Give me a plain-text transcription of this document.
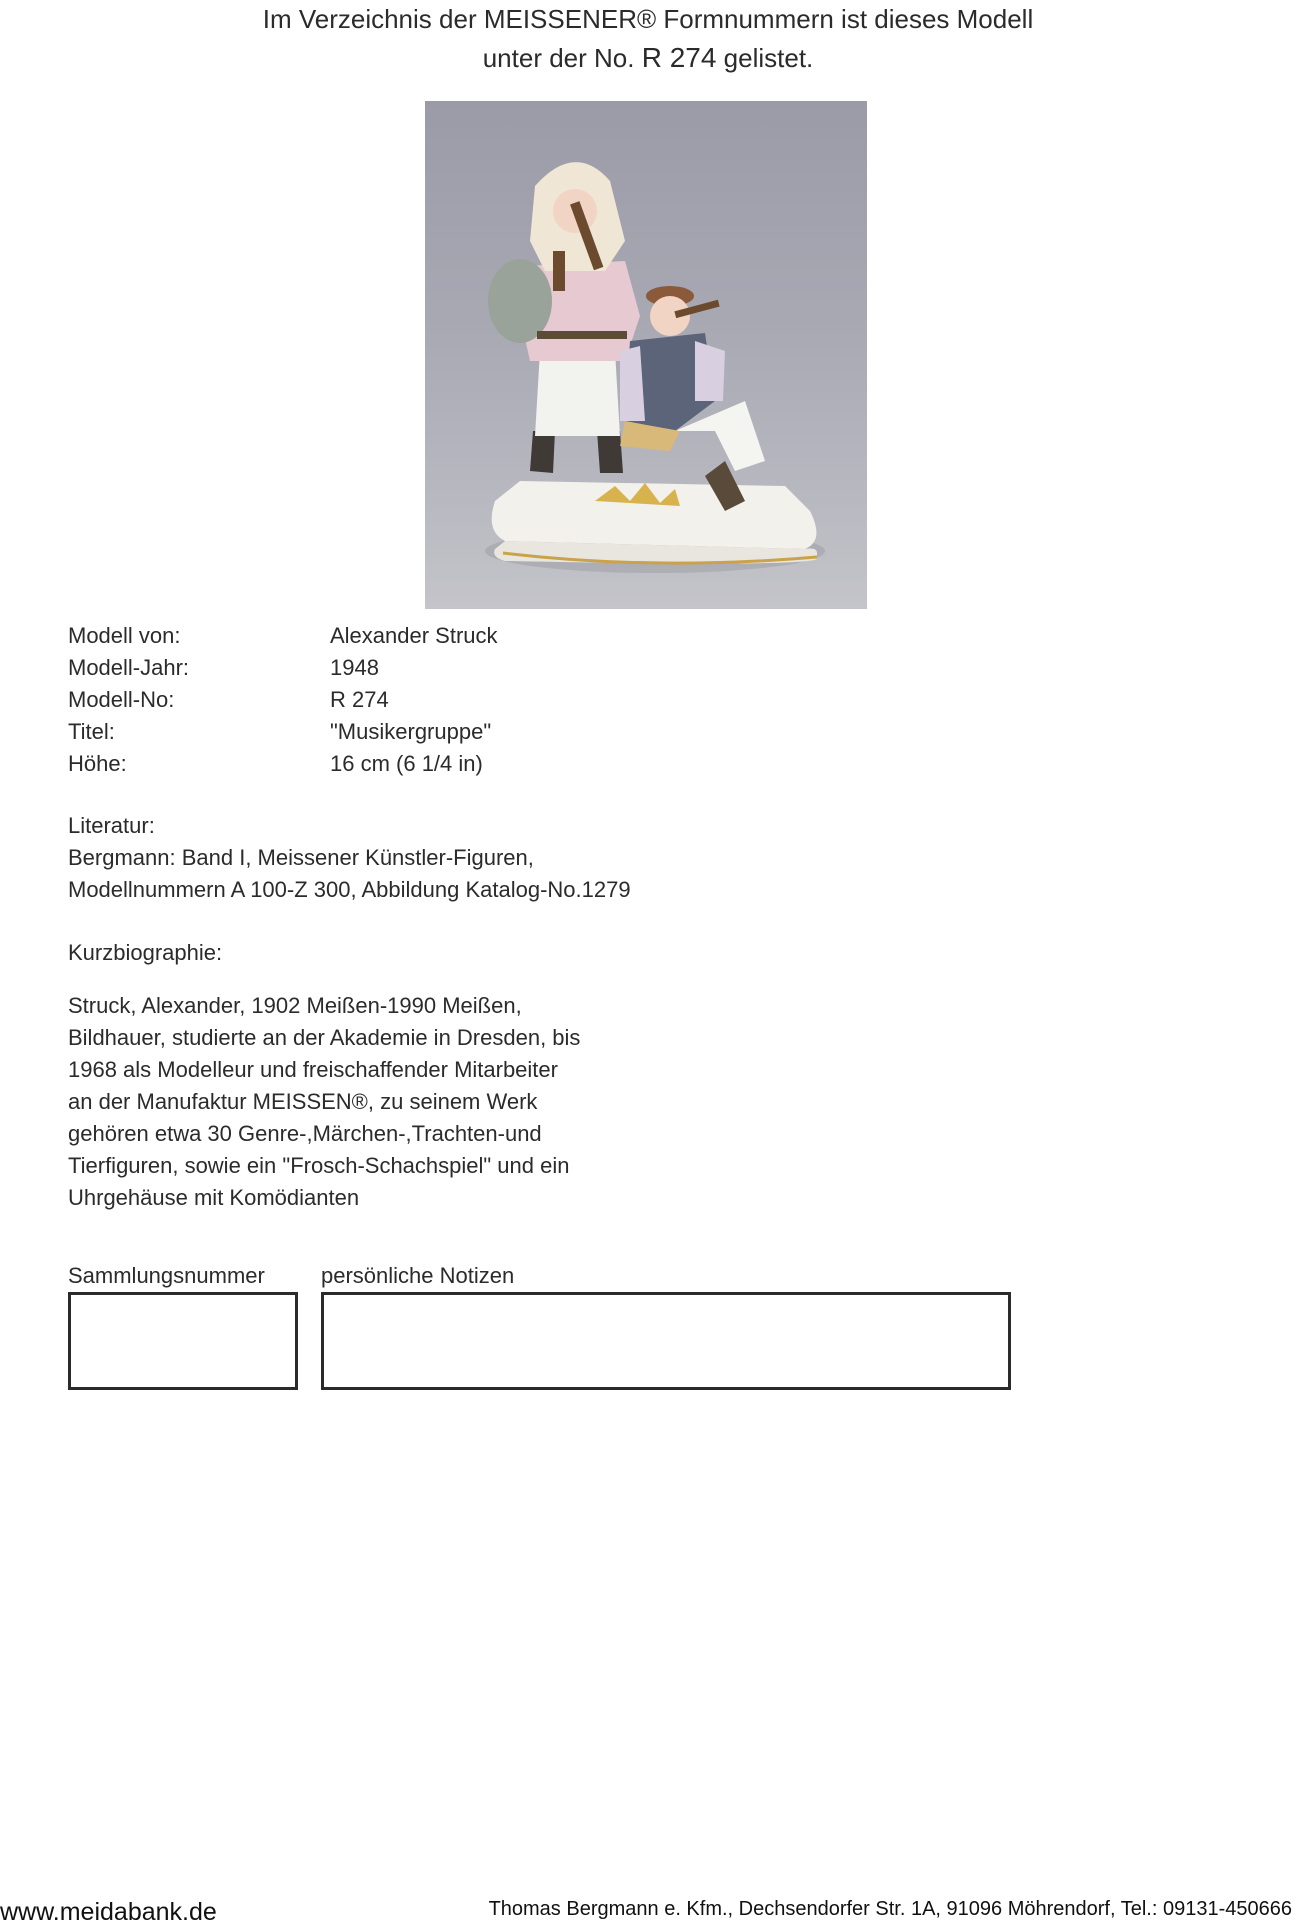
Im Verzeichnis der MEISSENER® Formnummern ist dieses Modell
unter der No. R 274 gelistet.
Modell von:	Alexander Struck
Modell-Jahr:	1948
Modell-No:	R 274
Titel:	"Musikergruppe"
Höhe:	16 cm (6 1/4 in)
Literatur:
Bergmann: Band I, Meissener Künstler-Figuren,
Modellnummern A 100-Z 300, Abbildung Katalog-No.1279
Kurzbiographie:
Struck, Alexander, 1902 Meißen-1990 Meißen,
Bildhauer, studierte an der Akademie in Dresden, bis
1968 als Modelleur und freischaffender Mitarbeiter
an der Manufaktur MEISSEN®, zu seinem Werk
gehören etwa 30 Genre-,Märchen-,Trachten-und
Tierfiguren, sowie ein "Frosch-Schachspiel" und ein
Uhrgehäuse mit Komödianten
Sammlungsnummer	persönliche Notizen
www.meidabank.de	Thomas Bergmann e. Kfm., Dechsendorfer Str. 1A, 91096 Möhrendorf, Tel.: 09131-450666
